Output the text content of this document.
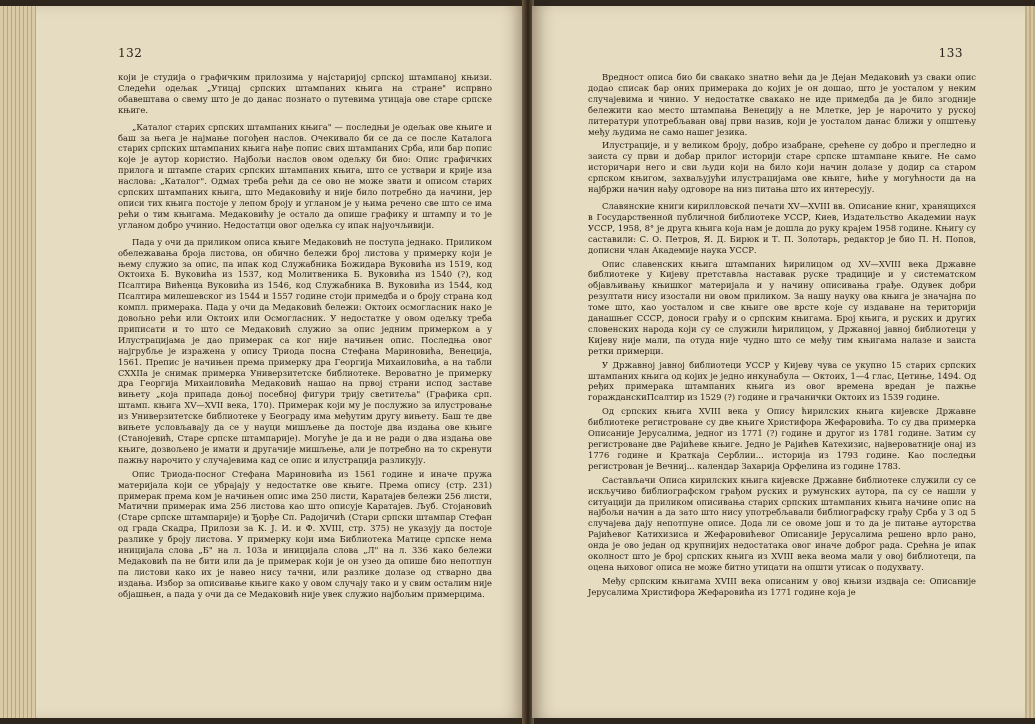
132

који је студија о графичким прилозима у најстаријој српској штампаној књизи. Следећи одељак „Утицај српских штампаних књига на стране" испрвно обавештава о свему што је до данас познато о путевима утицаја ове старе српске књиге.

„Каталог старих српских штампаних књига" — последњи је одељак ове књиге и баш за њега је најмање погођен наслов. Очекивало би се да се после Каталога старих српских штампаних књига нађе попис свих штампаних Срба, или бар попис које је аутор користио. Најбољи наслов овом одељку би био: Опис графичких прилога и штампе старих српских штампаних књига, што се уствари и крије иза наслова: „Каталог". Одмах треба рећи да се ово не може звати и описом старих српских штампаних књига, што Медаковићу и није било потребно да начини, јер описи тих књига постоје у лепом броју и угланом је у њима речено све што се има рећи о тим књигама. Медаковићу је остало да опише графику и штампу и то је угланом добро учинио. Недостатци овог одељка су ипак најуочљивији.

Пада у очи да приликом описа књиге Медаковић не поступа једнако. Приликом обележавања броја листова, он обично бележи број листова у примерку који је њему служио за опис, па ипак код Служабника Божидара Вуковића из 1519, код Октоиха Б. Вуковића из 1537, код Молитвеника Б. Вуковића из 1540 (?), код Псалтира Вићенца Вуковића из 1546, код Служабника В. Вуковића из 1544, код Псалтира милешевског из 1544 и 1557 године стоји примедба и о броју страна код компл. примерака. Пада у очи да Медаковић бележи: Октоих осмогласник нако је довољно рећи или Октоих или Осмогласник. У недостатке у овом одељку треба приписати и то што се Медаковић служио за опис једним примерком а у Илустрацијама је дао примерак са ког није начињен опис. Последња овог најгрубље је изражена у опису Триода посна Стефана Мариновића, Венеција, 1561. Препис је начињен према примерку дра Георгија Михаиловића, а на табли CXXIIа је снимак примерка Универзитетске библиотеке. Вероватно је примерку дра Георгија Михаиловића Медаковић нашао на првој страни испод заставе вињету „која припада доњој посебној фигури трију светитеља" (Графика срп. штамп. књига XV—XVII века, 170). Примерак који му је послужио за илустровање из Универзитетске библиотеке у Београду има међутим другу вињету. Баш те две вињете условљавају да се у науци мишљење да постоје два издања ове књиге (Станојевић, Старе српске штампарије). Могуће је да и не ради о два издања ове књиге, дозвољено је имати и другачије мишљење, али је потребно на то скренути пажњу нарочито у случајевима кад се опис и илустрација разликују.

Опис Триода-посног Стефана Мариновића из 1561 године и иначе пружа материјала који се убрајају у недостатке ове књиге. Према опису (стр. 231) примерак према ком је начињен опис има 250 листи, Каратајев бележи 256 листи, Матични примерак има 256 листова као што описује Каратајев. Љуб. Стојановић (Старе српске штампарије) и Ђорђе Сп. Радојичић (Стари српски штампар Стефан од града Скадра, Прилози за К. Ј. И. и Ф. XVIII, стр. 375) не указују да постоје разлике у броју листова. У примерку који има Библиотека Матице српске нема иницијала слова „Б" на л. 103а и иницијала слова „Л" на л. 336 како бележи Медаковић па не бити или да је примерак који је он узео да опише био непотпун па листови како их је навео нису тачни, или разлике долазе од стварно два издања. Избор за описивање књиге како у овом случају тако и у свим осталим није објашњен, а пада у очи да се Медаковић није увек служио најбољим примерцима.

133

Вредност описа био би свакако знатно већи да је Дејан Медаковић уз сваки опис додао списак бар оних примерака до којих је он дошао, што је уосталом у неким случајевима и чинио. У недостатке свакако не иде примедба да је било згодније бележити као место штампања Венецију а не Млетке, јер је нарочито у руској литератури употребљаван овај први назив, који је уосталом данас ближи у општењу међу људима не само нашег језика.

Илустрације, и у великом броју, добро изабране, срећене су добро и прегледно и заиста су први и добар прилог историји старе српске штампане књиге. Не само историчари него и сви људи који на било који начин долазе у додир са старом српском књигом, захваљујући илустрацијама ове књиге, ћиће у могућности да на најбржи начин нађу одговоре на низ питања што их интересују.

Славянские книги кирилловской печати XV—XVIII вв. Описание книг, хранящихся в Государственной публичной библиотеке УССР, Киев, Издательство Академии наук УССР, 1958, 8° је друга књига која нам је дошла до руку крајем 1958 године. Књигу су саставили: С. О. Петров, Я. Д. Бирюк и Т. П. Золотарь, редактор је био П. Н. Попов, дописни члан Академије наука УССР.

Опис славенских књига штампаних ћирилицом од XV—XVIII века Државне библиотеке у Кијеву претставља наставак руске традиције и у систематском објављивању књишког материјала и у начину описивања грађе. Одувек добри резултати нису изостали ни овом приликом. За нашу науку ова књига је значајна по томе што, као уосталом и све књиге ове врсте које су издаване на територији данашњег СССР, доноси грађу и о српским књигама. Број књига, и руских и других словенских народа који су се служили ћирилицом, у Државној јавној библиотеци у Кијеву није мали, па отуда није чудно што се међу тим књигама налазе и заиста ретки примерци.

У Државној јавној библиотеци УССР у Кијеву чува се укупно 15 старих српских штампаних књига од којих је једно инкунабула — Октоих, 1—4 глас, Цетиње, 1494. Од ређих примерака штампаних књига из овог времена вредан је пажње горажданскиПсалтир из 1529 (?) године и грачанички Октоих из 1539 године.

Од српских књига XVIII века у Опису ћирилских књига кијевске Државне библиотеке регистроване су две књиге Христифора Жефаровића. То су два примерка Описаније Јерусалима, једног из 1771 (?) године и другог из 1781 године. Затим су регистроване две Рајићеве књиге. Једно је Рајићев Катехизис, највероватније онај из 1776 године и Краткаја Серблии... историја из 1793 године. Као последњи регистрован је Вечниј... календар Захарија Орфелина из године 1783.

Састављачи Описа кирилских књига кијевске Државне библиотеке служили су се искључиво библиографском грађом руских и румунских аутора, па су се нашли у ситуацији да приликом описивања старих српских штампаних књига начине опис на најбољи начин а да зато што нису употребљавали библиографску грађу Срба у 3 од 5 случајева дају непотпуне описе. Дода ли се овоме још и то да је питање ауторства Рајићевог Катихизиса и Жефаровићевог Описаније Јерусалима решено врло рано, онда је ово један од крупнијих недостатака овог иначе доброг рада. Срећна је ипак околност што је број српских књига из XVIII века веома мали у овој библиотеци, па оцена њиховог описа не може битно утицати на општи утисак о подухвату.

Међу српским књигама XVIII века описаним у овој књизи издваја се: Описаније Јерусалима Христифора Жефаровића из 1771 године која је
